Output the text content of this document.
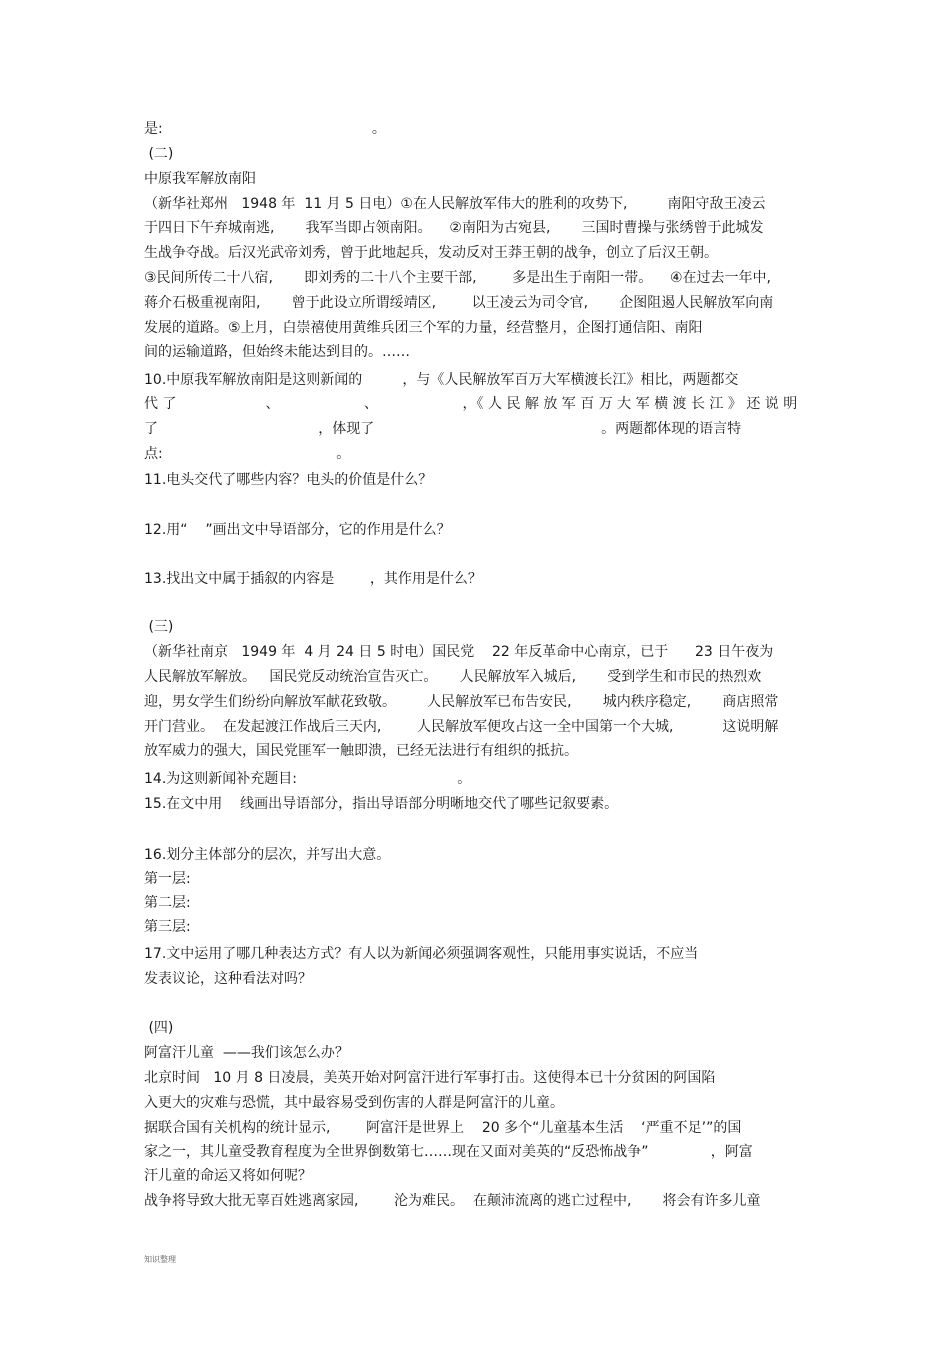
是:                                               。
(二)
中原我军解放南阳
（新华社郑州   1948 年  11 月 5 日电）①在人民解放军伟大的胜利的攻势下,         南阳守敌王凌云
于四日下午弃城南逃,       我军当即占领南阳。    ②南阳为古宛县,       三国时曹操与张绣曾于此城发
生战争夺战。后汉光武帝刘秀，曾于此地起兵，发动反对王莽王朝的战争，创立了后汉王朝。
③民间所传二十八宿,       即刘秀的二十八个主要干部,        多是出生于南阳一带。    ④在过去一年中,
蒋介石极重视南阳,       曾于此设立所谓绥靖区,        以王凌云为司令官,       企图阻遏人民解放军向南
发展的道路。⑤上月，白崇禧使用黄维兵团三个军的力量，经营整月，企图打通信阳、南阳
间的运输道路，但始终未能达到目的。……
10.中原我军解放南阳是这则新闻的         ，与《人民解放军百万大军横渡长江》相比，两题都交
代 了                    、                   、                   ，《 人 民 解 放 军 百 万 大 军 横 渡 长 江 》 还 说 明
了                                    ，体现了                                                   。两题都体现的语言特
点:                                       。
11.电头交代了哪些内容？电头的价值是什么？
12.用“    ”画出文中导语部分，它的作用是什么？
13.找出文中属于插叙的内容是        ，其作用是什么？
(三)
（新华社南京   1949 年  4 月 24 日 5 时电）国民党    22 年反革命中心南京，已于      23 日午夜为
人民解放军解放。   国民党反动统治宣告灭亡。     人民解放军入城后,       受到学生和市民的热烈欢
迎，男女学生们纷纷向解放军献花致敬。       人民解放军已布告安民,       城内秩序稳定,       商店照常
开门营业。  在发起渡江作战后三天内,        人民解放军便攻占这一全中国第一个大城,           这说明解
放军威力的强大，国民党匪军一触即溃，已经无法进行有组织的抵抗。
14.为这则新闻补充题目:                                    。
15.在文中用    线画出导语部分，指出导语部分明晰地交代了哪些记叙要素。
16.划分主体部分的层次，并写出大意。
第一层:
第二层:
第三层:
17.文中运用了哪几种表达方式？有人以为新闻必须强调客观性，只能用事实说话，不应当
发表议论，这种看法对吗？
(四)
阿富汗儿童  ——我们该怎么办？
北京时间   10 月 8 日凌晨，美英开始对阿富汗进行军事打击。这使得本已十分贫困的阿国陷
入更大的灾难与恐慌，其中最容易受到伤害的人群是阿富汗的儿童。
据联合国有关机构的统计显示,        阿富汗是世界上    20 多个“儿童基本生活    ‘严重不足’”的国
家之一，其儿童受教育程度为全世界倒数第七……现在又面对美英的“反恐怖战争”              ，阿富
汗儿童的命运又将如何呢？
战争将导致大批无辜百姓逃离家园,        沦为难民。  在颠沛流离的逃亡过程中,       将会有许多儿童
知识整理
